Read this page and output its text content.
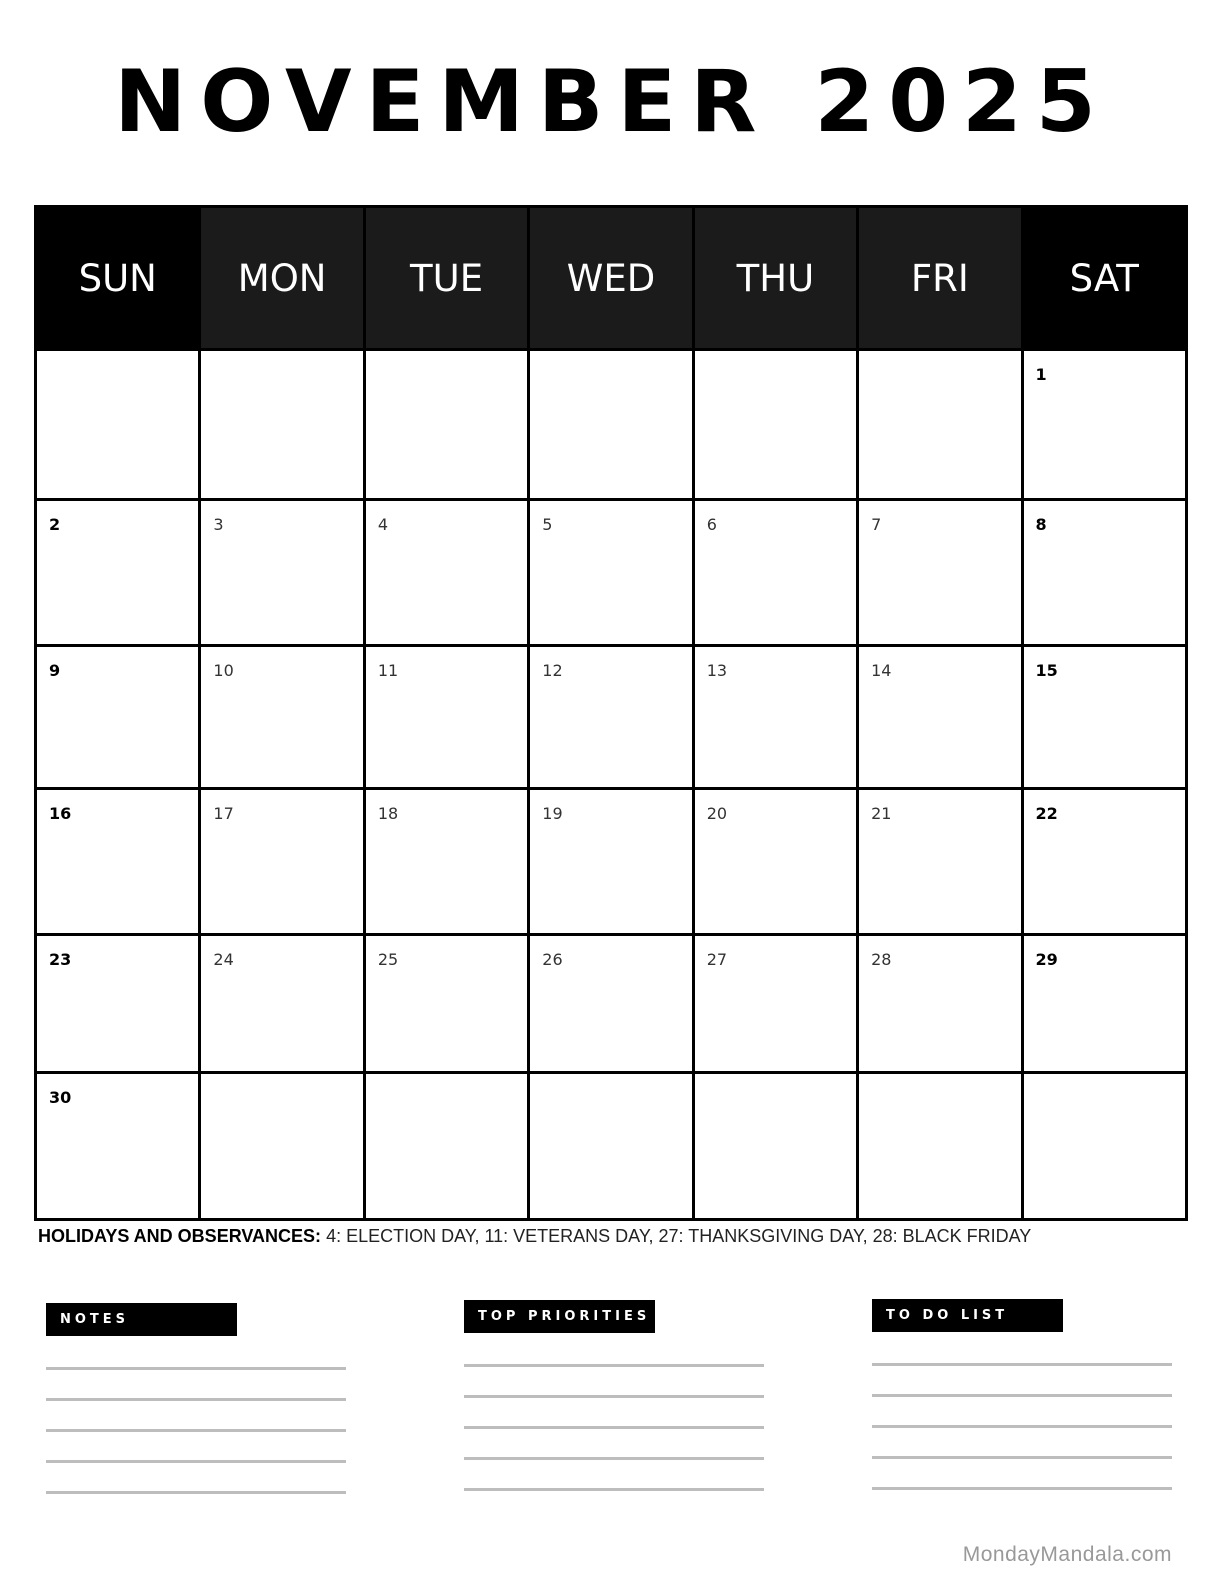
NOVEMBER 2025
SUN	MON	TUE	WED	THU	FRI	SAT

						1

2	3	4	5	6	7	8

9	10	11	12	13	14	15

16	17	18	19	20	21	22

23	24	25	26	27	28	29

30						

HOLIDAYS AND OBSERVANCES: 4: ELECTION DAY, 11: VETERANS DAY, 27: THANKSGIVING DAY, 28: BLACK FRIDAY
NOTES	TOP PRIORITIES	TO DO LIST
MondayMandala.com
